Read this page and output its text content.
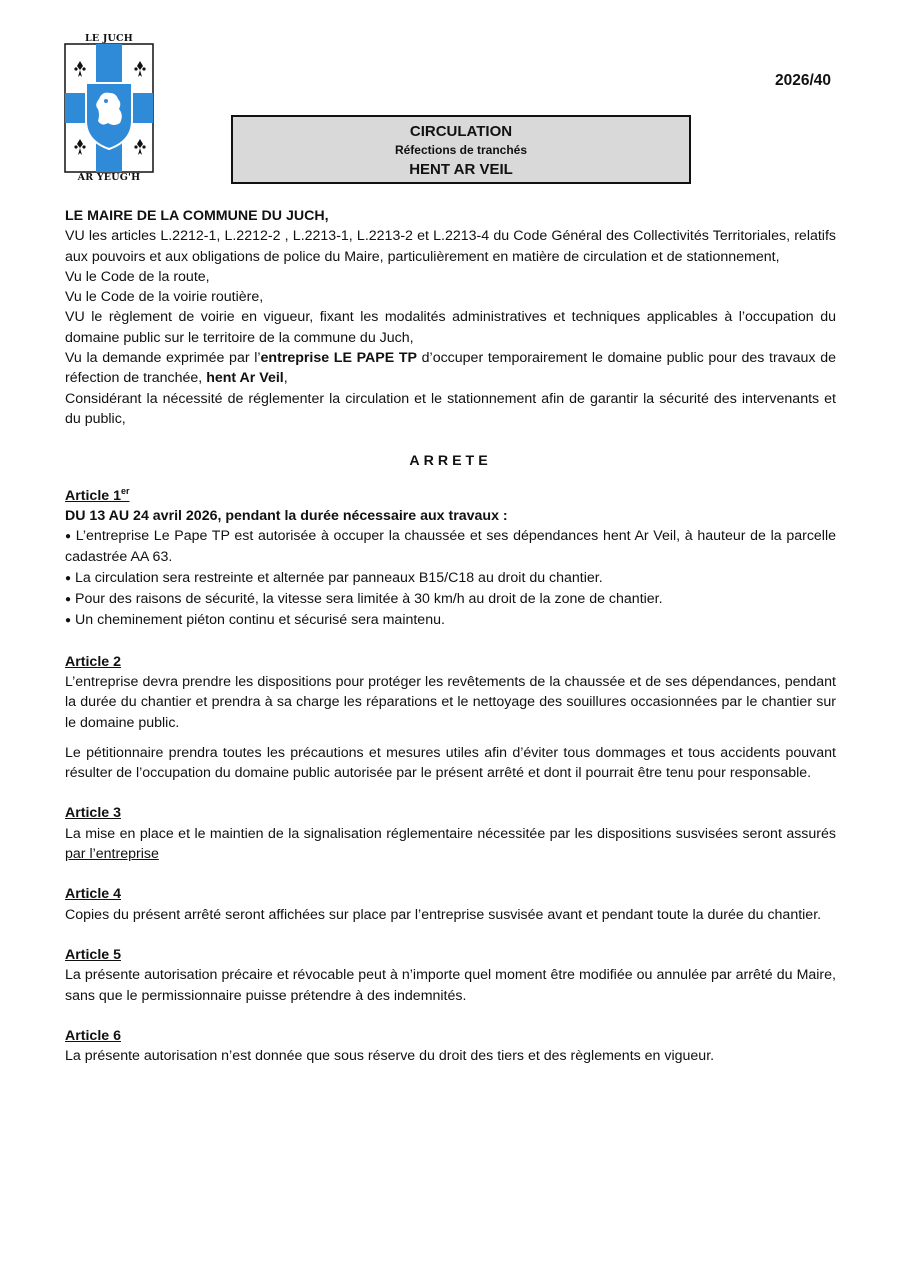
LE JUCH
AR YEUG'H
2026/40
CIRCULATION
Réfections de tranchés
HENT AR VEIL

LE MAIRE DE LA COMMUNE DU JUCH,

VU les articles L.2212-1, L.2212-2 , L.2213-1, L.2213-2 et L.2213-4 du Code Général des Collectivités Territoriales, relatifs aux pouvoirs et aux obligations de police du Maire, particulièrement en matière de circulation et de stationnement,

Vu le Code de la route,

Vu le Code de la voirie routière,

VU le règlement de voirie en vigueur, fixant les modalités administratives et techniques applicables à l’occupation du domaine public sur le territoire de la commune du Juch,

Vu la demande exprimée par l’entreprise LE PAPE TP d’occuper temporairement le domaine public pour des travaux de réfection de tranchée, hent Ar Veil,

Considérant la nécessité de réglementer la circulation et le stationnement afin de garantir la sécurité des intervenants et du public,

ARRETE

Article 1er

DU 13 AU 24 avril 2026, pendant la durée nécessaire aux travaux :

● L’entreprise Le Pape TP est autorisée à occuper la chaussée et ses dépendances hent Ar Veil, à hauteur de la parcelle cadastrée AA 63.

● La circulation sera restreinte et alternée par panneaux B15/C18 au droit du chantier.

● Pour des raisons de sécurité, la vitesse sera limitée à 30 km/h au droit de la zone de chantier.

● Un cheminement piéton continu et sécurisé sera maintenu.

Article 2

L’entreprise devra prendre les dispositions pour protéger les revêtements de la chaussée et de ses dépendances, pendant la durée du chantier et prendra à sa charge les réparations et le nettoyage des souillures occasionnées par le chantier sur le domaine public.

Le pétitionnaire prendra toutes les précautions et mesures utiles afin d’éviter tous dommages et tous accidents pouvant résulter de l’occupation du domaine public autorisée par le présent arrêté et dont il pourrait être tenu pour responsable.

Article 3

La mise en place et le maintien de la signalisation réglementaire nécessitée par les dispositions susvisées seront assurés par l’entreprise

Article 4

Copies du présent arrêté seront affichées sur place par l’entreprise susvisée avant et pendant toute la durée du chantier.

Article 5

La présente autorisation précaire et révocable peut à n’importe quel moment être modifiée ou annulée par arrêté du Maire, sans que le permissionnaire puisse prétendre à des indemnités.

Article 6

La présente autorisation n’est donnée que sous réserve du droit des tiers et des règlements en vigueur.
